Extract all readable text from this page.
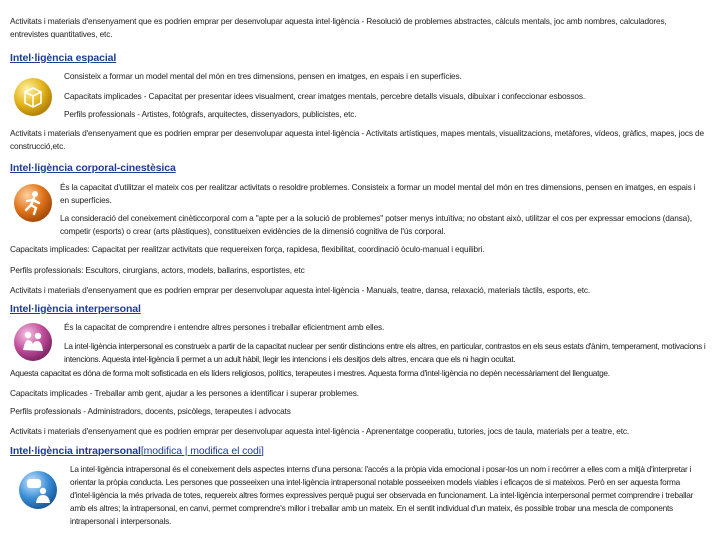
Activitats i materials d'ensenyament que es podrien emprar per desenvolupar aquesta intel·ligència - Resolució de problemes abstractes, càlculs mentals, joc amb nombres, calculadores, entrevistes quantitatives, etc.
Intel·ligència espacial
Consisteix a formar un model mental del món en tres dimensions, pensen en imatges, en espais i en superfícies.
Capacitats implicades - Capacitat per presentar idees visualment, crear imatges mentals, percebre detalls visuals, dibuixar i confeccionar esbossos.
Perfils professionals - Artistes, fotògrafs, arquitectes, dissenyadors, publicistes, etc.
Activitats i materials d'ensenyament que es podrien emprar per desenvolupar aquesta intel·ligència - Activitats artístiques, mapes mentals, visualitzacions, metàfores, vídeos, gràfics, mapes, jocs de construcció,etc.
Intel·ligència corporal-cinestèsica
És la capacitat d'utilitzar el mateix cos per realitzar activitats o resoldre problemes. Consisteix a formar un model mental del món en tres dimensions, pensen en imatges, en espais i en superfícies.
La consideració del coneixement cinèticcorporal com a "apte per a la solució de problemes" potser menys intuïtiva; no obstant això, utilitzar el cos per expressar emocions (dansa), competir (esports) o crear (arts plàstiques), constitueixen evidències de la dimensió cognitiva de l'ús corporal.
Capacitats implicades: Capacitat per realitzar activitats que requereixen força, rapidesa, flexibilitat, coordinació òculo-manual i equilibri.
Perfils professionals: Escultors, cirurgians, actors, models, ballarins, esportistes, etc
Activitats i materials d'ensenyament que es podrien emprar per desenvolupar aquesta intel·ligència - Manuals, teatre, dansa, relaxació, materials tàctils, esports, etc.
Intel·ligència interpersonal
És la capacitat de comprendre i entendre altres persones i treballar eficientment amb elles.
La intel·ligència interpersonal es construeix a partir de la capacitat nuclear per sentir distincions entre els altres, en particular, contrastos en els seus estats d'ànim, temperament, motivacions i intencions. Aquesta intel·ligència li permet a un adult hàbil, llegir les intencions i els desitjos dels altres, encara que els ni hagin ocultat.
Aquesta capacitat es dóna de forma molt sofisticada en els líders religiosos, polítics, terapeutes i mestres. Aquesta forma d'intel·ligència no depèn necessàriament del llenguatge.
Capacitats implicades - Treballar amb gent, ajudar a les persones a identificar i superar problemes.
Perfils professionals - Administradors, docents, psicòlegs, terapeutes i advocats
Activitats i materials d'ensenyament que es podrien emprar per desenvolupar aquesta intel·ligència - Aprenentatge cooperatiu, tutories, jocs de taula, materials per a teatre, etc.
Intel·ligència intrapersonal[modifica | modifica el codi]
La intel·ligència intrapersonal és el coneixement dels aspectes interns d'una persona: l'accés a la pròpia vida emocional i posar-los un nom i recórrer a elles com a mitjà d'interpretar i orientar la pròpia conducta. Les persones que posseeixen una intel·ligència intrapersonal notable posseeixen models viables i eficaços de si mateixos. Però en ser aquesta forma d'intel·ligència la més privada de totes, requereix altres formes expressives perquè pugui ser observada en funcionament. La intel·ligència interpersonal permet comprendre i treballar amb els altres; la intrapersonal, en canvi, permet comprendre's millor i treballar amb un mateix. En el sentit individual d'un mateix, és possible trobar una mescla de components intrapersonal i interpersonals.
